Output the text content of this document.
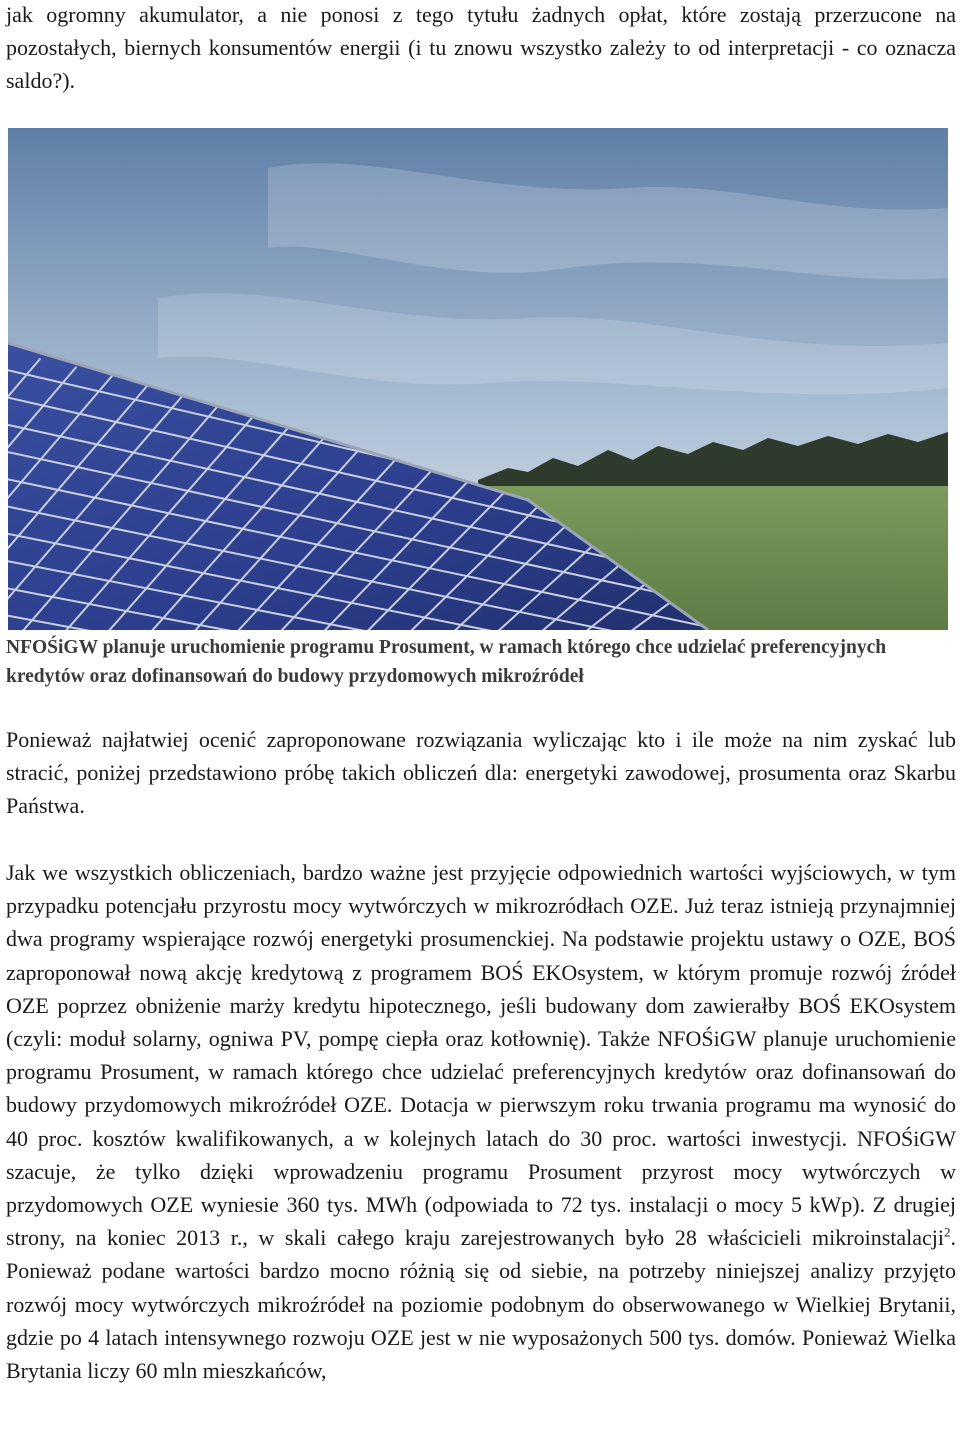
jak ogromny akumulator, a nie ponosi z tego tytułu żadnych opłat, które zostają przerzucone na pozostałych, biernych konsumentów energii (i tu znowu wszystko zależy to od interpretacji - co oznacza saldo?).

NFOŚiGW planuje uruchomienie programu Prosument, w ramach którego chce udzielać preferencyjnych kredytów oraz dofinansowań do budowy przydomowych mikroźródeł

Ponieważ najłatwiej ocenić zaproponowane rozwiązania wyliczając kto i ile może na nim zyskać lub stracić, poniżej przedstawiono próbę takich obliczeń dla: energetyki zawodowej, prosumenta oraz Skarbu Państwa.

Jak we wszystkich obliczeniach, bardzo ważne jest przyjęcie odpowiednich wartości wyjściowych, w tym przypadku potencjału przyrostu mocy wytwórczych w mikrozródłach OZE. Już teraz istnieją przynajmniej dwa programy wspierające rozwój energetyki prosumenckiej. Na podstawie projektu ustawy o OZE, BOŚ zaproponował nową akcję kredytową z programem BOŚ EKOsystem, w którym promuje rozwój źródeł OZE poprzez obniżenie marży kredytu hipotecznego, jeśli budowany dom zawierałby BOŚ EKOsystem (czyli: moduł solarny, ogniwa PV, pompę ciepła oraz kotłownię). Także NFOŚiGW planuje uruchomienie programu Prosument, w ramach którego chce udzielać preferencyjnych kredytów oraz dofinansowań do budowy przydomowych mikroźródeł OZE. Dotacja w pierwszym roku trwania programu ma wynosić do 40 proc. kosztów kwalifikowanych, a w kolejnych latach do 30 proc. wartości inwestycji. NFOŚiGW szacuje, że tylko dzięki wprowadzeniu programu Prosument przyrost mocy wytwórczych w przydomowych OZE wyniesie 360 tys. MWh (odpowiada to 72 tys. instalacji o mocy 5 kWp). Z drugiej strony, na koniec 2013 r., w skali całego kraju zarejestrowanych było 28 właścicieli mikroinstalacji$^2$. Ponieważ podane wartości bardzo mocno różnią się od siebie, na potrzeby niniejszej analizy przyjęto rozwój mocy wytwórczych mikroźródeł na poziomie podobnym do obserwowanego w Wielkiej Brytanii, gdzie po 4 latach intensywnego rozwoju OZE jest w nie wyposażonych 500 tys. domów. Ponieważ Wielka Brytania liczy 60 mln mieszkańców,
